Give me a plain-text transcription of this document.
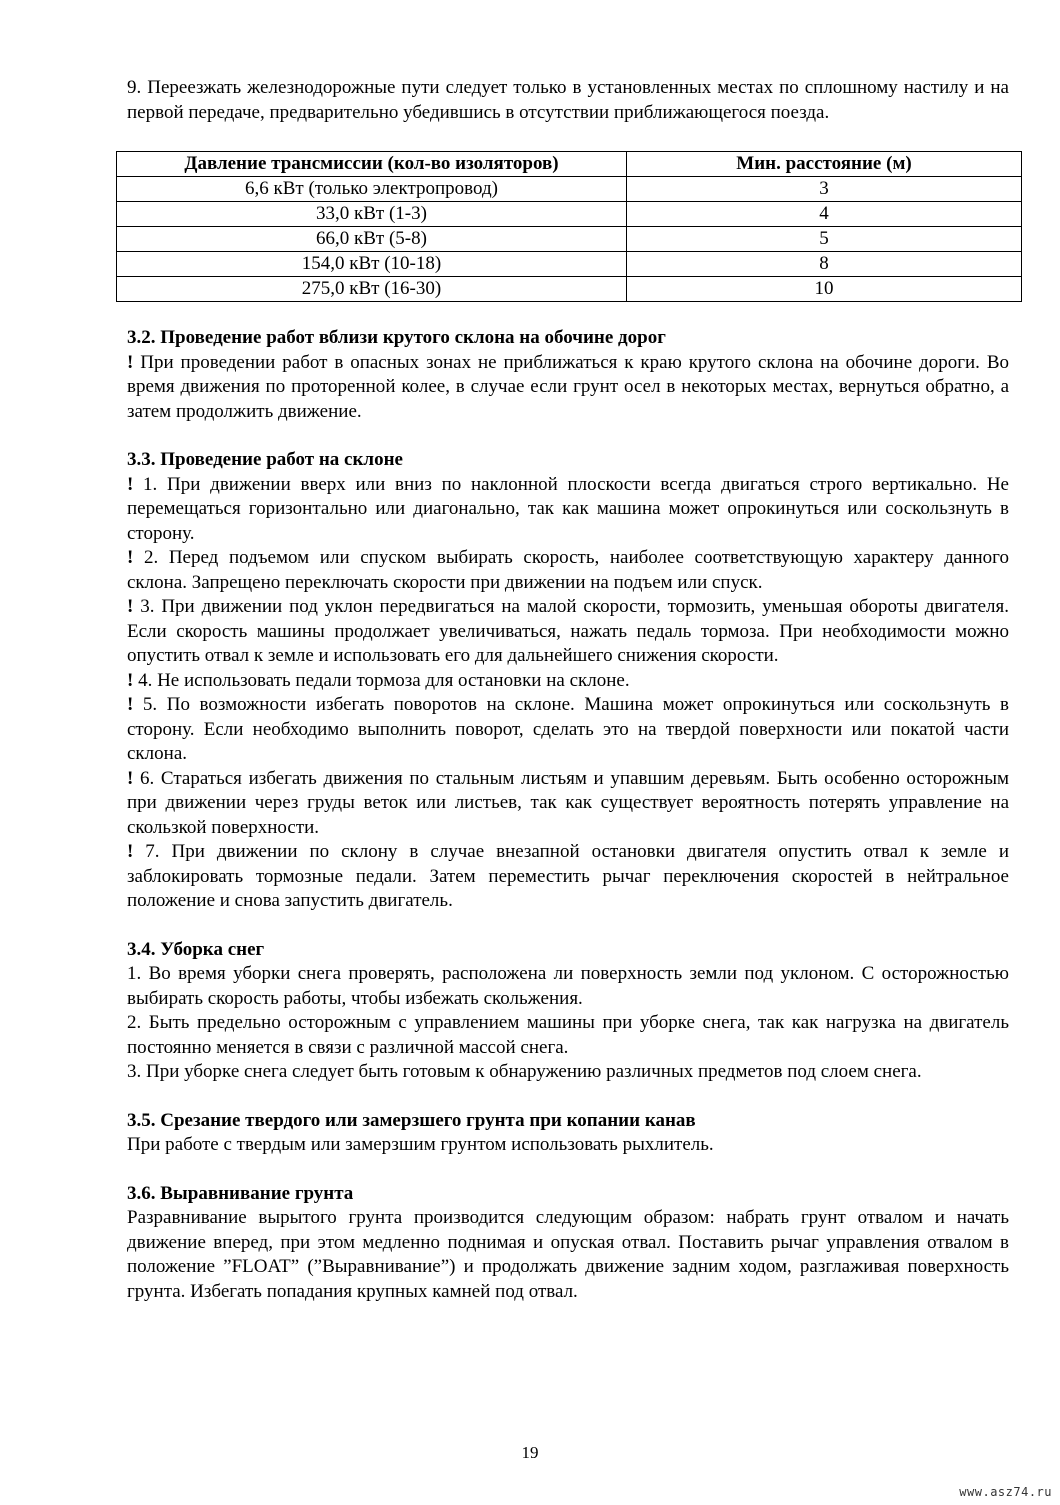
9. Переезжать железнодорожные пути следует только в установленных местах по сплошному настилу и на первой передаче, предварительно убедившись в отсутствии приближающегося поезда.

Давление трансмиссии (кол-во изоляторов)	Мин. расстояние (м)
6,6 кВт (только электропровод)	3
33,0 кВт (1-3)	4
66,0 кВт (5-8)	5
154,0 кВт (10-18)	8
275,0 кВт (16-30)	10
3.2. Проведение работ вблизи крутого склона на обочине дорог

! При проведении работ в опасных зонах не приближаться к краю крутого склона на обочине дороги. Во время движения по проторенной колее, в случае если грунт осел в некоторых местах, вернуться обратно, а затем продолжить движение.

3.3. Проведение работ на склоне

! 1. При движении вверх или вниз по наклонной плоскости всегда двигаться строго вертикально. Не перемещаться горизонтально или диагонально, так как машина может опрокинуться или соскользнуть в сторону.

! 2. Перед подъемом или спуском выбирать скорость, наиболее соответствующую характеру данного склона. Запрещено переключать скорости при движении на подъем или спуск.

! 3. При движении под уклон передвигаться на малой скорости, тормозить, уменьшая обороты двигателя. Если скорость машины продолжает увеличиваться, нажать педаль тормоза. При необходимости можно опустить отвал к земле и использовать его для дальнейшего снижения скорости.

! 4. Не использовать педали тормоза для остановки на склоне.

! 5. По возможности избегать поворотов на склоне. Машина может опрокинуться или соскользнуть в сторону. Если необходимо выполнить поворот, сделать это на твердой поверхности или покатой части склона.

! 6. Стараться избегать движения по стальным листьям и упавшим деревьям. Быть особенно осторожным при движении через груды веток или листьев, так как существует вероятность потерять управление на скользкой поверхности.

! 7. При движении по склону в случае внезапной остановки двигателя опустить отвал к земле и заблокировать тормозные педали. Затем переместить рычаг переключения скоростей в нейтральное положение и снова запустить двигатель.

3.4. Уборка снег

1. Во время уборки снега проверять, расположена ли поверхность земли под уклоном. С осторожностью выбирать скорость работы, чтобы избежать скольжения.

2. Быть предельно осторожным с управлением машины при уборке снега, так как нагрузка на двигатель постоянно меняется в связи с различной массой снега.

3. При уборке снега следует быть готовым к обнаружению различных предметов под слоем снега.

3.5. Срезание твердого или замерзшего грунта при копании канав

При работе с твердым или замерзшим грунтом использовать рыхлитель.

3.6. Выравнивание грунта

Разравнивание вырытого грунта производится следующим образом: набрать грунт отвалом и начать движение вперед, при этом медленно поднимая и опуская отвал. Поставить рычаг управления отвалом в положение ”FLOAT” (”Выравнивание”) и продолжать движение задним ходом, разглаживая поверхность грунта. Избегать попадания крупных камней под отвал.

19
www.asz74.ru
